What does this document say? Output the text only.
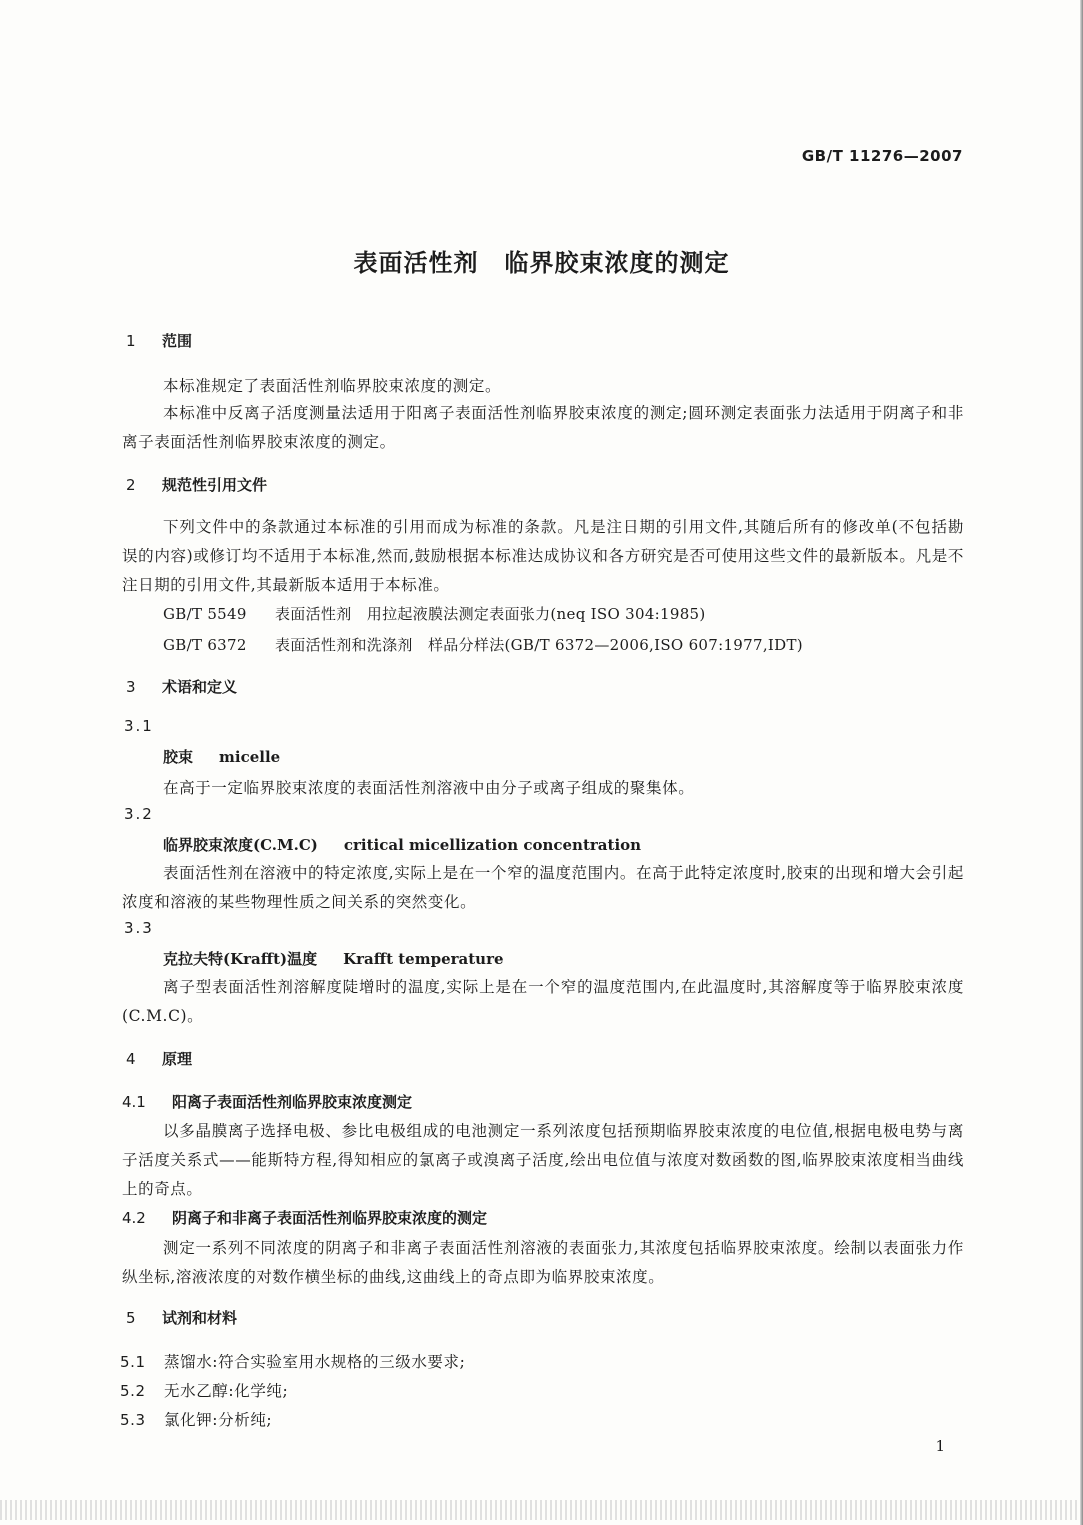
GB/T 11276—2007
表面活性剂 临界胶束浓度的测定
1 范围
本标准规定了表面活性剂临界胶束浓度的测定。
本标准中反离子活度测量法适用于阳离子表面活性剂临界胶束浓度的测定;圆环测定表面张力法适用于阴离子和非离子表面活性剂临界胶束浓度的测定。
2 规范性引用文件
下列文件中的条款通过本标准的引用而成为标准的条款。凡是注日期的引用文件,其随后所有的修改单(不包括勘误的内容)或修订均不适用于本标准,然而,鼓励根据本标准达成协议和各方研究是否可使用这些文件的最新版本。凡是不注日期的引用文件,其最新版本适用于本标准。
GB/T 5549 表面活性剂　用拉起液膜法测定表面张力(neq ISO 304:1985)
GB/T 6372 表面活性剂和洗涤剂　样品分样法(GB/T 6372—2006,ISO 607:1977,IDT)
3 术语和定义
3.1
胶束 micelle
在高于一定临界胶束浓度的表面活性剂溶液中由分子或离子组成的聚集体。
3.2
临界胶束浓度(C.M.C) critical micellization concentration
表面活性剂在溶液中的特定浓度,实际上是在一个窄的温度范围内。在高于此特定浓度时,胶束的出现和增大会引起浓度和溶液的某些物理性质之间关系的突然变化。
3.3
克拉夫特(Krafft)温度 Krafft temperature
离子型表面活性剂溶解度陡增时的温度,实际上是在一个窄的温度范围内,在此温度时,其溶解度等于临界胶束浓度(C.M.C)。
4 原理
4.1 阳离子表面活性剂临界胶束浓度测定
以多晶膜离子选择电极、参比电极组成的电池测定一系列浓度包括预期临界胶束浓度的电位值,根据电极电势与离子活度关系式——能斯特方程,得知相应的氯离子或溴离子活度,绘出电位值与浓度对数函数的图,临界胶束浓度相当曲线上的奇点。
4.2 阴离子和非离子表面活性剂临界胶束浓度的测定
测定一系列不同浓度的阴离子和非离子表面活性剂溶液的表面张力,其浓度包括临界胶束浓度。绘制以表面张力作纵坐标,溶液浓度的对数作横坐标的曲线,这曲线上的奇点即为临界胶束浓度。
5 试剂和材料
5.1 蒸馏水:符合实验室用水规格的三级水要求;
5.2 无水乙醇:化学纯;
5.3 氯化钾:分析纯;
1
